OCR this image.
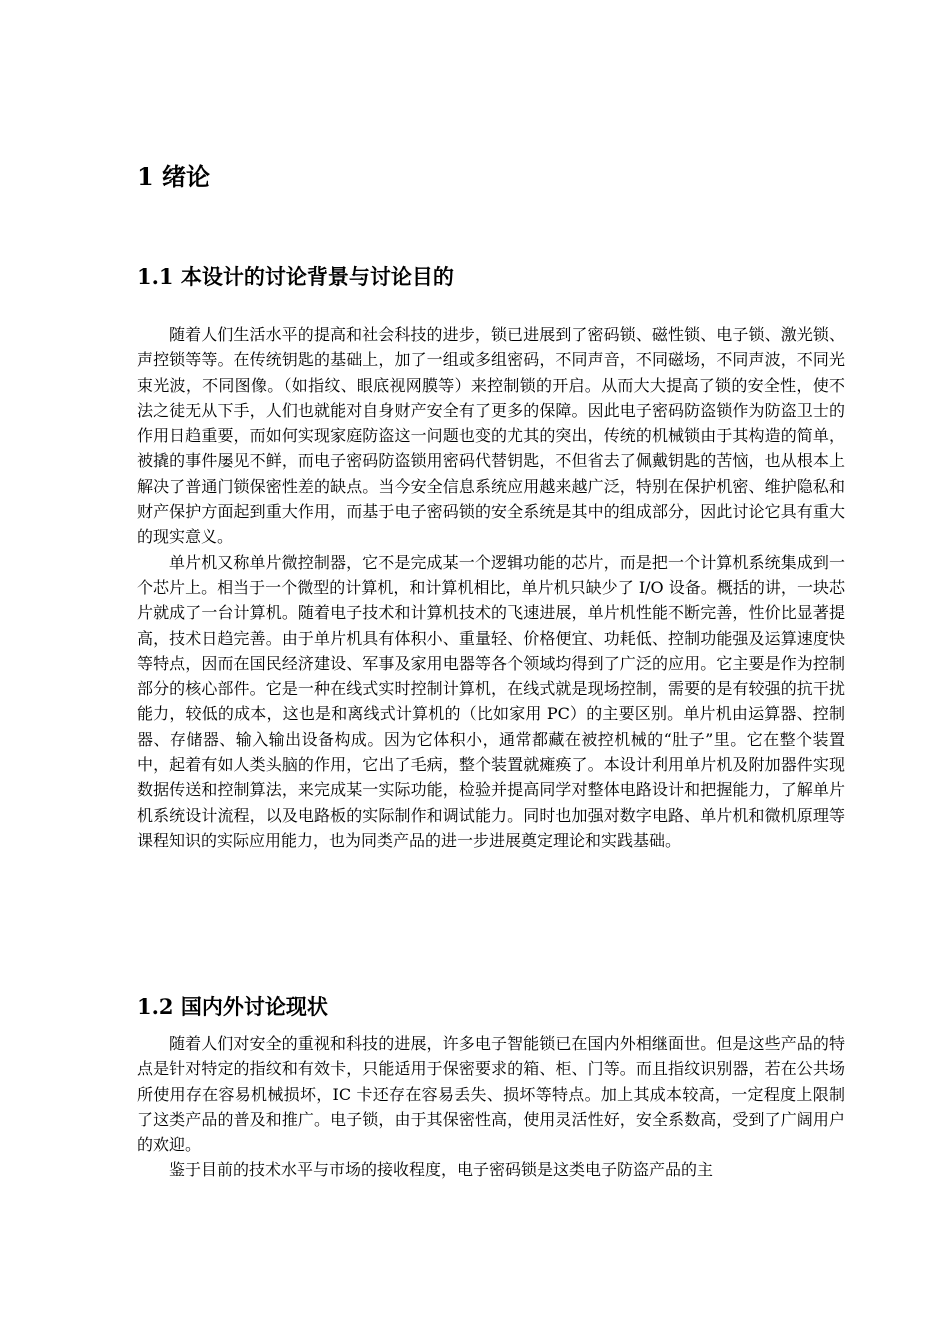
1 绪论
1.1 本设计的讨论背景与讨论目的

随着人们生活水平的提高和社会科技的进步，锁已进展到了密码锁、磁性锁、电子锁、激光锁、声控锁等等。在传统钥匙的基础上，加了一组或多组密码，不同声音，不同磁场，不同声波，不同光束光波，不同图像。（如指纹、眼底视网膜等）来控制锁的开启。从而大大提高了锁的安全性，使不法之徒无从下手，人们也就能对自身财产安全有了更多的保障。因此电子密码防盗锁作为防盗卫士的作用日趋重要，而如何实现家庭防盗这一问题也变的尤其的突出，传统的机械锁由于其构造的简单，被撬的事件屡见不鲜，而电子密码防盗锁用密码代替钥匙，不但省去了佩戴钥匙的苦恼，也从根本上解决了普通门锁保密性差的缺点。当今安全信息系统应用越来越广泛，特别在保护机密、维护隐私和财产保护方面起到重大作用，而基于电子密码锁的安全系统是其中的组成部分，因此讨论它具有重大的现实意义。

单片机又称单片微控制器，它不是完成某一个逻辑功能的芯片，而是把一个计算机系统集成到一个芯片上。相当于一个微型的计算机，和计算机相比，单片机只缺少了 I/O 设备。概括的讲，一块芯片就成了一台计算机。随着电子技术和计算机技术的飞速进展，单片机性能不断完善，性价比显著提高，技术日趋完善。由于单片机具有体积小、重量轻、价格便宜、功耗低、控制功能强及运算速度快等特点，因而在国民经济建设、军事及家用电器等各个领域均得到了广泛的应用。它主要是作为控制部分的核心部件。它是一种在线式实时控制计算机，在线式就是现场控制，需要的是有较强的抗干扰能力，较低的成本，这也是和离线式计算机的（比如家用 PC）的主要区别。单片机由运算器、控制器、存储器、输入输出设备构成。因为它体积小，通常都藏在被控机械的“肚子”里。它在整个装置中，起着有如人类头脑的作用，它出了毛病，整个装置就瘫痪了。本设计利用单片机及附加器件实现数据传送和控制算法，来完成某一实际功能，检验并提高同学对整体电路设计和把握能力，了解单片机系统设计流程，以及电路板的实际制作和调试能力。同时也加强对数字电路、单片机和微机原理等课程知识的实际应用能力，也为同类产品的进一步进展奠定理论和实践基础。

1.2 国内外讨论现状

随着人们对安全的重视和科技的进展，许多电子智能锁已在国内外相继面世。但是这些产品的特点是针对特定的指纹和有效卡，只能适用于保密要求的箱、柜、门等。而且指纹识别器，若在公共场所使用存在容易机械损坏，IC 卡还存在容易丢失、损坏等特点。加上其成本较高，一定程度上限制了这类产品的普及和推广。电子锁，由于其保密性高，使用灵活性好，安全系数高，受到了广阔用户的欢迎。

鉴于目前的技术水平与市场的接收程度，电子密码锁是这类电子防盗产品的主
